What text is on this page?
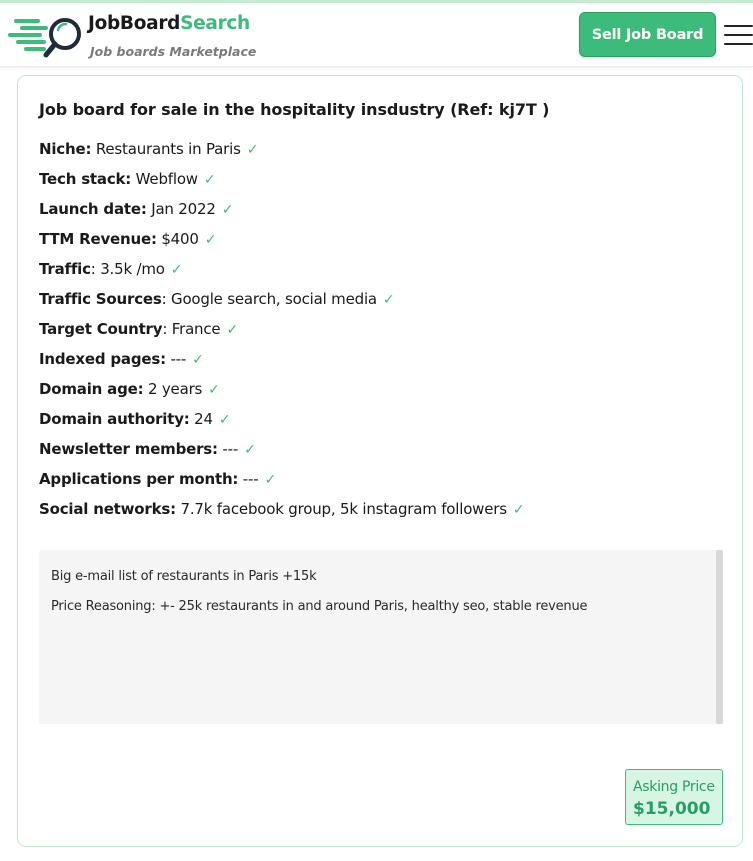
JobBoardSearch
Job boards Marketplace
Sell Job Board
Job board for sale in the hospitality insdustry (Ref: kj7T )
Niche: Restaurants in Paris ✓
Tech stack: Webflow ✓
Launch date: Jan 2022 ✓
TTM Revenue: $400 ✓
Traffic: 3.5k /mo ✓
Traffic Sources: Google search, social media ✓
Target Country: France ✓
Indexed pages: --- ✓
Domain age: 2 years ✓
Domain authority: 24 ✓
Newsletter members: --- ✓
Applications per month: --- ✓
Social networks: 7.7k facebook group, 5k instagram followers ✓
Big e-mail list of restaurants in Paris +15k
Price Reasoning: +- 25k restaurants in and around Paris, healthy seo, stable revenue
Asking Price
$15,000
